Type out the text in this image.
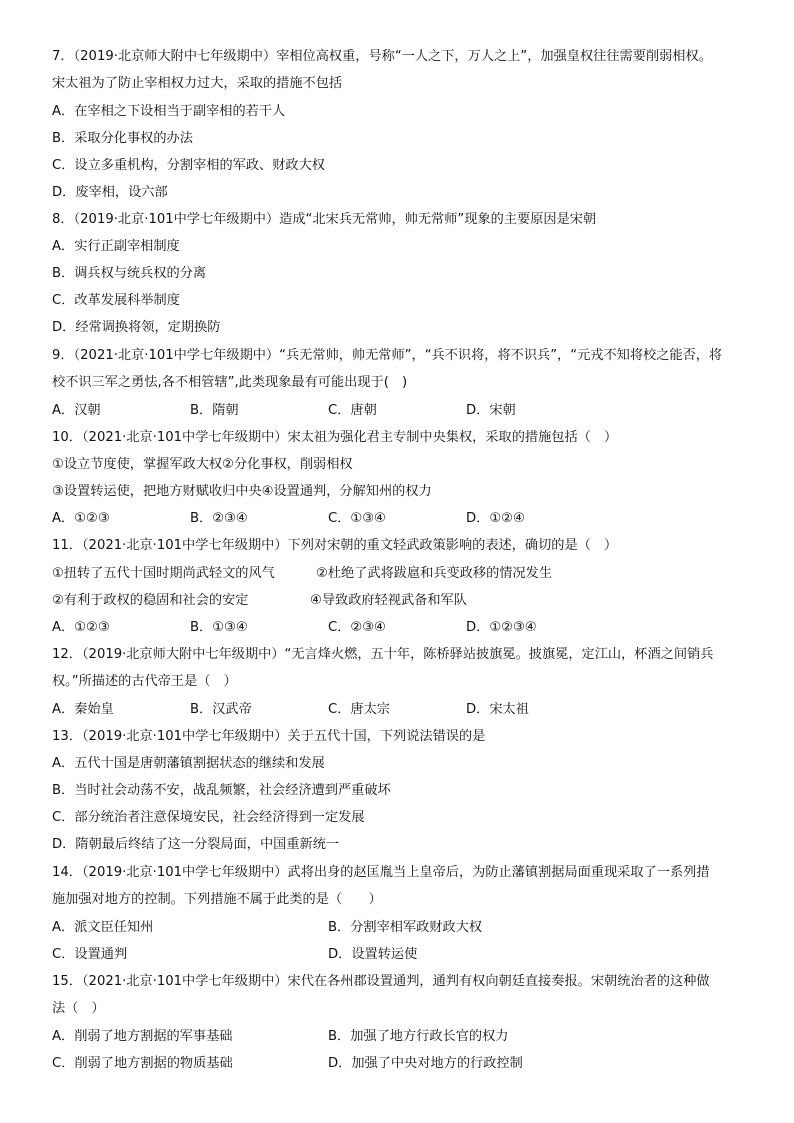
7．（2019·北京师大附中七年级期中）宰相位高权重，号称“一人之下，万人之上”，加强皇权往往需要削弱相权。
宋太祖为了防止宰相权力过大，采取的措施不包括
A．在宰相之下设相当于副宰相的若干人
B．采取分化事权的办法
C．设立多重机构，分割宰相的军政、财政大权
D．废宰相，设六部
8．（2019·北京·101中学七年级期中）造成“北宋兵无常帅，帅无常师”现象的主要原因是宋朝
A．实行正副宰相制度
B．调兵权与统兵权的分离
C．改革发展科举制度
D．经常调换将领，定期换防
9．（2021·北京·101中学七年级期中）“兵无常帅，帅无常师”，“兵不识将，将不识兵”，“元戎不知将校之能否，将
校不识三军之勇怯,各不相管辖”,此类现象最有可能出现于(　)
A．汉朝	B．隋朝	C．唐朝	D．宋朝
10．（2021·北京·101中学七年级期中）宋太祖为强化君主专制中央集权，采取的措施包括（　）
①设立节度使，掌握军政大权②分化事权，削弱相权
③设置转运使，把地方财赋收归中央④设置通判，分解知州的权力
A．①②③	B．②③④	C．①③④	D．①②④
11．（2021·北京·101中学七年级期中）下列对宋朝的重文轻武政策影响的表述，确切的是（　）
①扭转了五代十国时期尚武轻文的风气	②杜绝了武将跋扈和兵变政移的情况发生
②有利于政权的稳固和社会的安定	④导致政府轻视武备和军队
A．①②③	B．①③④	C．②③④	D．①②③④
12．（2019·北京师大附中七年级期中）“无言烽火燃，五十年，陈桥驿站披旗冕。披旗冕，定江山，杯酒之间销兵
权。”所描述的古代帝王是（　）
A．秦始皇	B．汉武帝	C．唐太宗	D．宋太祖
13．（2019·北京·101中学七年级期中）关于五代十国，下列说法错误的是
A．五代十国是唐朝藩镇割据状态的继续和发展
B．当时社会动荡不安，战乱频繁，社会经济遭到严重破坏
C．部分统治者注意保境安民，社会经济得到一定发展
D．隋朝最后终结了这一分裂局面，中国重新统一
14．（2019·北京·101中学七年级期中）武将出身的赵匡胤当上皇帝后，为防止藩镇割据局面重现采取了一系列措
施加强对地方的控制。下列措施不属于此类的是（　　）
A．派文臣任知州	B．分割宰相军政财政大权
C．设置通判	D．设置转运使
15．（2021·北京·101中学七年级期中）宋代在各州郡设置通判，通判有权向朝廷直接奏报。宋朝统治者的这种做
法（　）
A．削弱了地方割据的军事基础	B．加强了地方行政长官的权力
C．削弱了地方割据的物质基础	D．加强了中央对地方的行政控制
